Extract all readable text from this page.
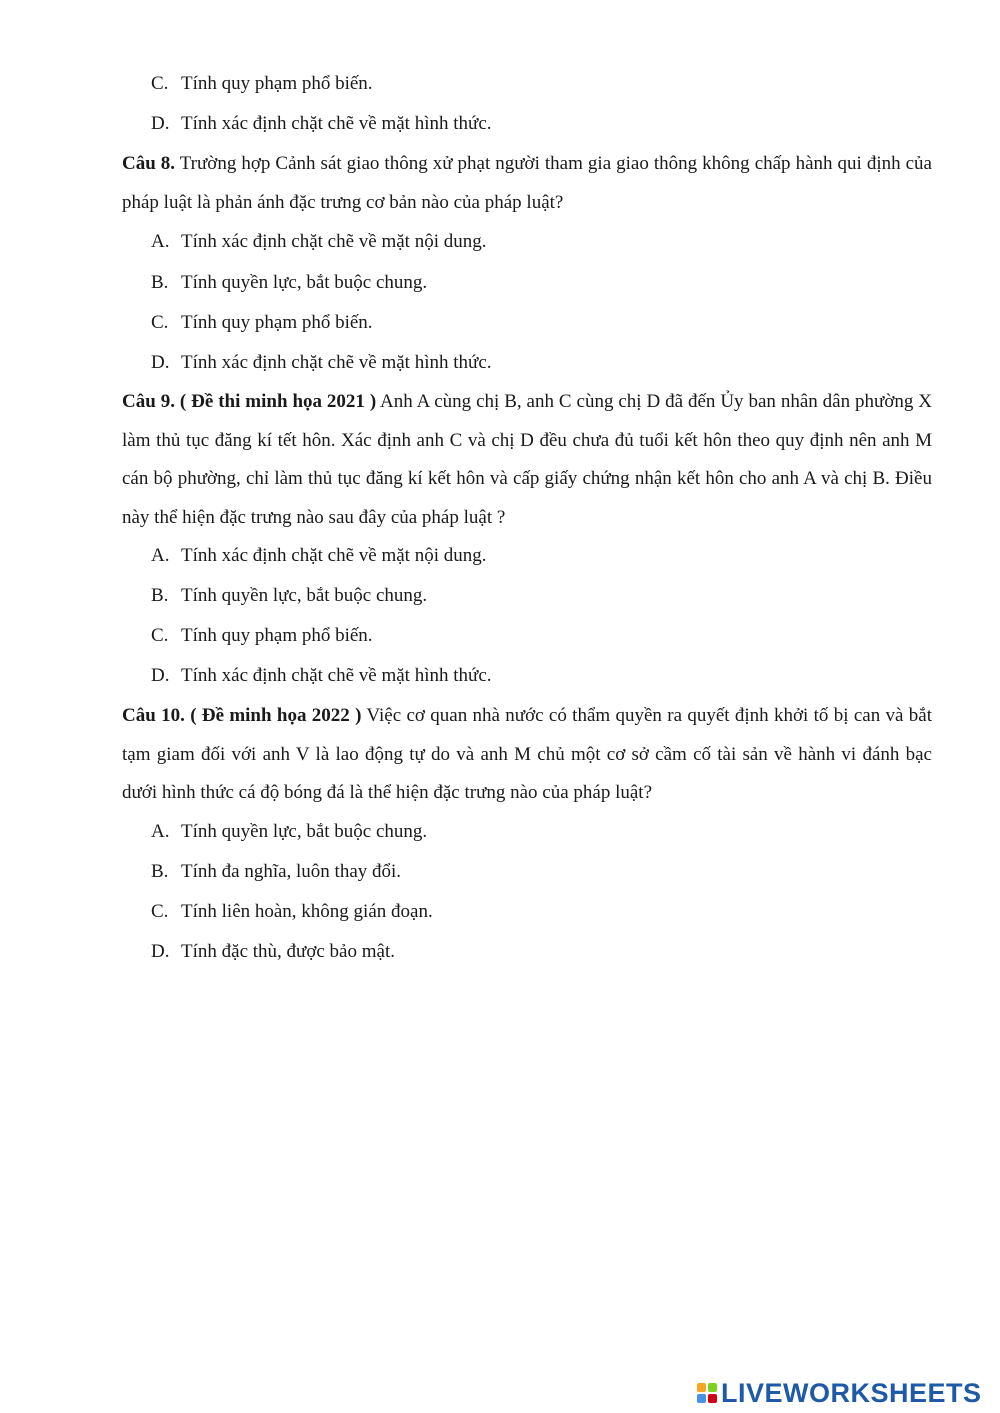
C. Tính quy phạm phổ biến.
D. Tính xác định chặt chẽ về mặt hình thức.
Câu 8. Trường hợp Cảnh sát giao thông xử phạt người tham gia giao thông không chấp hành qui định của pháp luật là phản ánh đặc trưng cơ bản nào của pháp luật?
A. Tính xác định chặt chẽ về mặt nội dung.
B. Tính quyền lực, bắt buộc chung.
C. Tính quy phạm phổ biến.
D. Tính xác định chặt chẽ về mặt hình thức.
Câu 9. ( Đề thi minh họa 2021 ) Anh A cùng chị B, anh C cùng chị D đã đến Ủy ban nhân dân phường X làm thủ tục đăng kí tết hôn. Xác định anh C và chị D đều chưa đủ tuổi kết hôn theo quy định nên anh M cán bộ phường, chỉ làm thủ tục đăng kí kết hôn và cấp giấy chứng nhận kết hôn cho anh A và chị B. Điều này thể hiện đặc trưng nào sau đây của pháp luật ?
A. Tính xác định chặt chẽ về mặt nội dung.
B. Tính quyền lực, bắt buộc chung.
C. Tính quy phạm phổ biến.
D. Tính xác định chặt chẽ về mặt hình thức.
Câu 10. ( Đề minh họa 2022 ) Việc cơ quan nhà nước có thẩm quyền ra quyết định khởi tố bị can và bắt tạm giam đối với anh V là lao động tự do và anh M chủ một cơ sở cầm cố tài sản về hành vi đánh bạc dưới hình thức cá độ bóng đá là thể hiện đặc trưng nào của pháp luật?
A. Tính quyền lực, bắt buộc chung.
B. Tính đa nghĩa, luôn thay đổi.
C. Tính liên hoàn, không gián đoạn.
D. Tính đặc thù, được bảo mật.
LIVEWORKSHEETS
